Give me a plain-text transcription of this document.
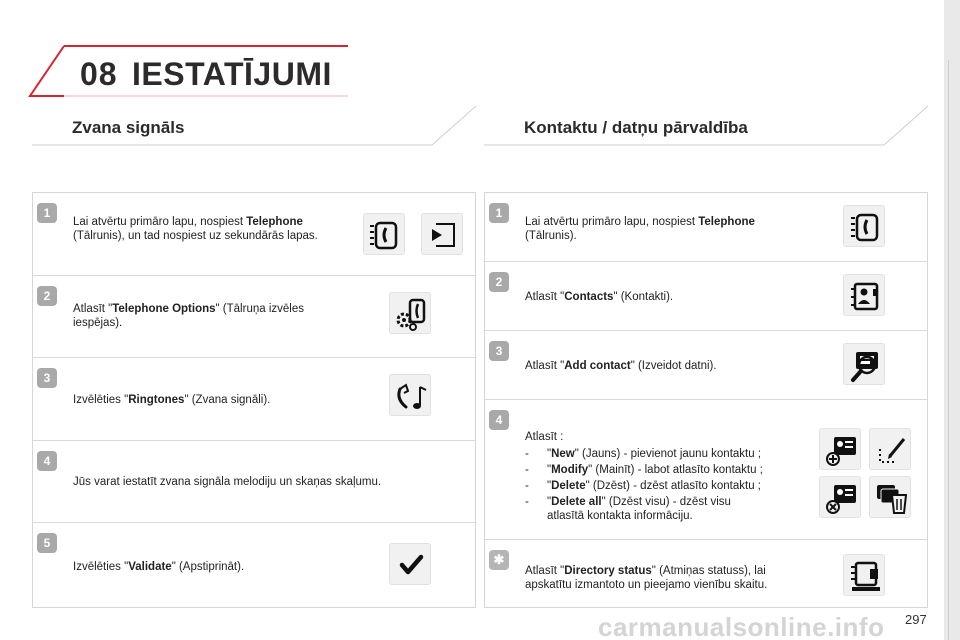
08 IESTATĪJUMI
Zvana signāls	Kontaktu / datņu pārvaldība
1
Lai atvērtu primāro lapu, nospiest Telephone
(Tālrunis), un tad nospiest uz sekundārās lapas.
2
Atlasīt "Telephone Options" (Tālruņa izvēles
iespējas).
3
Izvēlēties "Ringtones" (Zvana signāli).
4
Jūs varat iestatīt zvana signāla melodiju un skaņas skaļumu.
5
Izvēlēties "Validate" (Apstiprināt).
1
Lai atvērtu primāro lapu, nospiest Telephone
(Tālrunis).
2
Atlasīt "Contacts" (Kontakti).
3
Atlasīt "Add contact" (Izveidot datni).
4
Atlasīt :
-	"New" (Jauns) - pievienot jaunu kontaktu ;
-	"Modify" (Mainīt) - labot atlasīto kontaktu ;
-	"Delete" (Dzēst) - dzēst atlasīto kontaktu ;
-	"Delete all" (Dzēst visu) - dzēst visu
atlasītā kontakta informāciju.
✱
Atlasīt "Directory status" (Atmiņas statuss), lai
apskatītu izmantoto un pieejamo vienību skaitu.
carmanualsonline.info 297
